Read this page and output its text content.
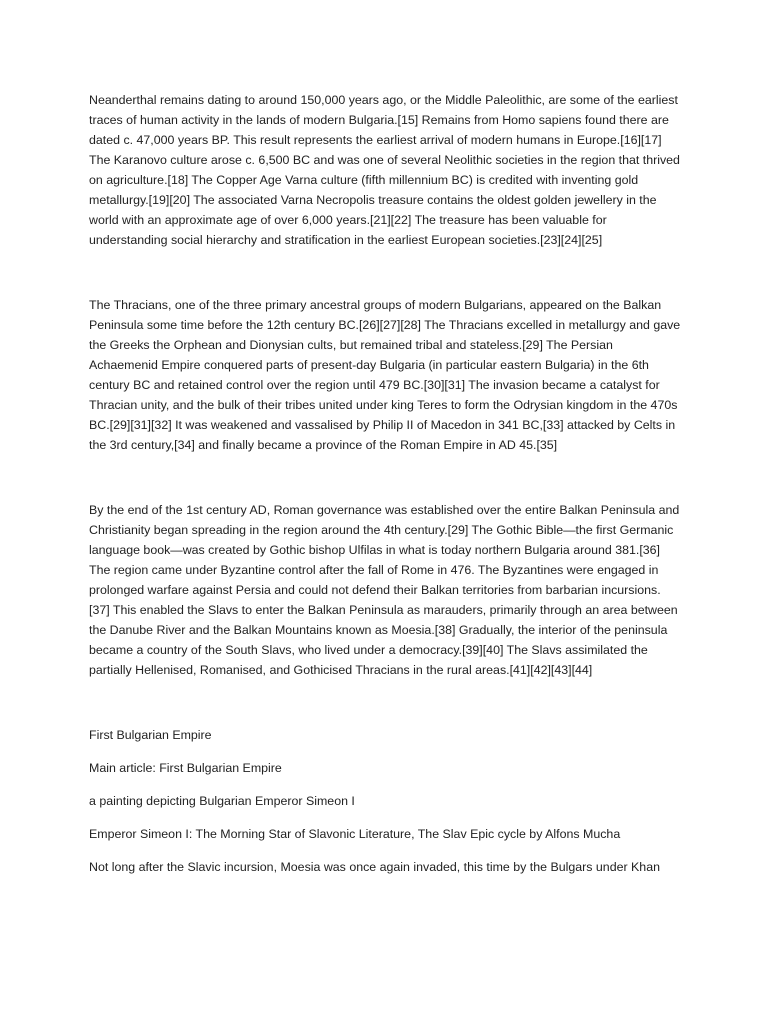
Neanderthal remains dating to around 150,000 years ago, or the Middle Paleolithic, are some of the earliest traces of human activity in the lands of modern Bulgaria.[15] Remains from Homo sapiens found there are dated c. 47,000 years BP. This result represents the earliest arrival of modern humans in Europe.[16][17] The Karanovo culture arose c. 6,500 BC and was one of several Neolithic societies in the region that thrived on agriculture.[18] The Copper Age Varna culture (fifth millennium BC) is credited with inventing gold metallurgy.[19][20] The associated Varna Necropolis treasure contains the oldest golden jewellery in the world with an approximate age of over 6,000 years.[21][22] The treasure has been valuable for understanding social hierarchy and stratification in the earliest European societies.[23][24][25]

The Thracians, one of the three primary ancestral groups of modern Bulgarians, appeared on the Balkan Peninsula some time before the 12th century BC.[26][27][28] The Thracians excelled in metallurgy and gave the Greeks the Orphean and Dionysian cults, but remained tribal and stateless.[29] The Persian Achaemenid Empire conquered parts of present-day Bulgaria (in particular eastern Bulgaria) in the 6th century BC and retained control over the region until 479 BC.[30][31] The invasion became a catalyst for Thracian unity, and the bulk of their tribes united under king Teres to form the Odrysian kingdom in the 470s BC.[29][31][32] It was weakened and vassalised by Philip II of Macedon in 341 BC,[33] attacked by Celts in the 3rd century,[34] and finally became a province of the Roman Empire in AD 45.[35]

By the end of the 1st century AD, Roman governance was established over the entire Balkan Peninsula and Christianity began spreading in the region around the 4th century.[29] The Gothic Bible—the first Germanic language book—was created by Gothic bishop Ulfilas in what is today northern Bulgaria around 381.[36] The region came under Byzantine control after the fall of Rome in 476. The Byzantines were engaged in prolonged warfare against Persia and could not defend their Balkan territories from barbarian incursions.[37] This enabled the Slavs to enter the Balkan Peninsula as marauders, primarily through an area between the Danube River and the Balkan Mountains known as Moesia.[38] Gradually, the interior of the peninsula became a country of the South Slavs, who lived under a democracy.[39][40] The Slavs assimilated the partially Hellenised, Romanised, and Gothicised Thracians in the rural areas.[41][42][43][44]

First Bulgarian Empire

Main article: First Bulgarian Empire

a painting depicting Bulgarian Emperor Simeon I

Emperor Simeon I: The Morning Star of Slavonic Literature, The Slav Epic cycle by Alfons Mucha

Not long after the Slavic incursion, Moesia was once again invaded, this time by the Bulgars under Khan
